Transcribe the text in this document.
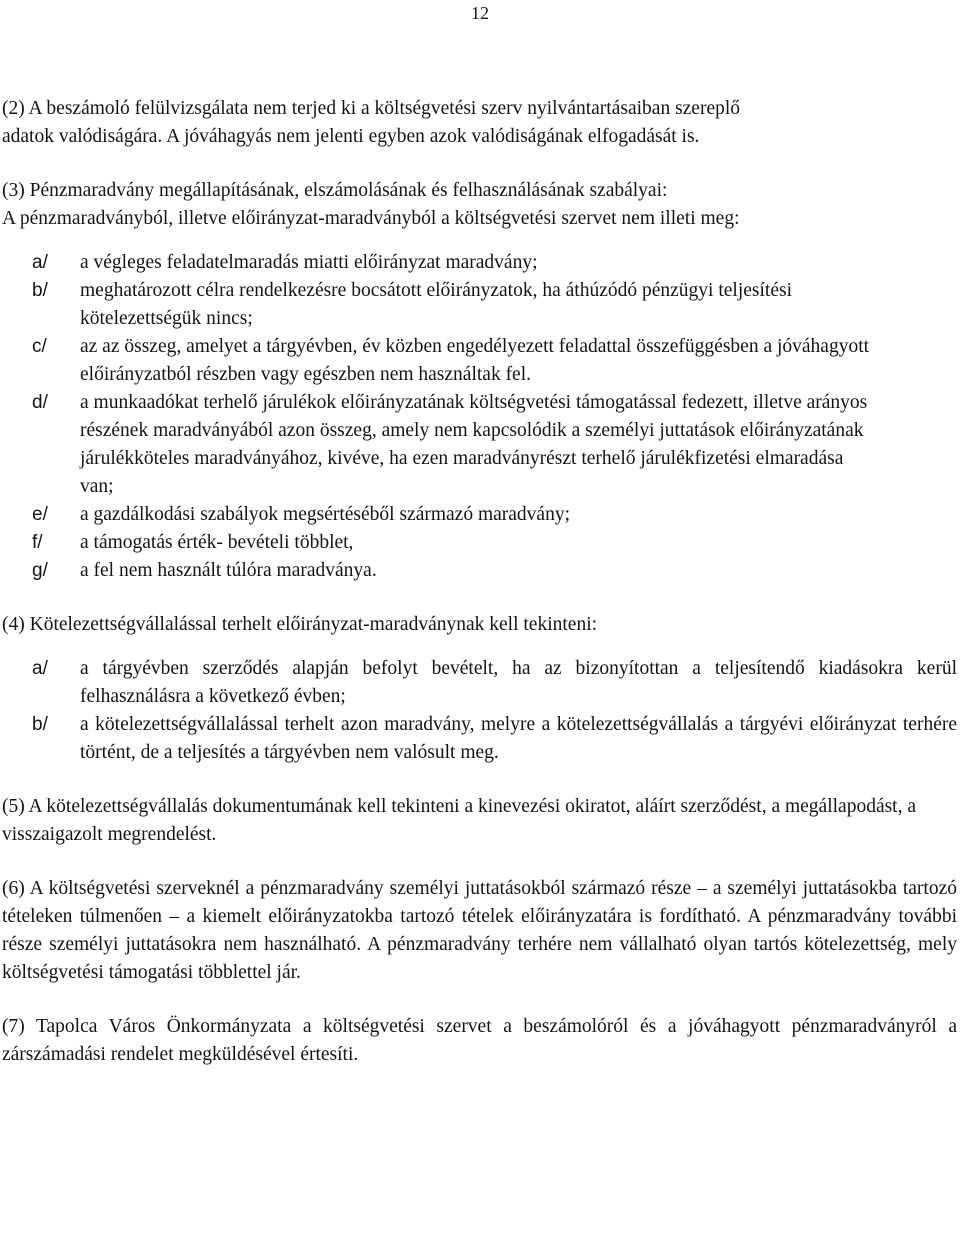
12

(2) A beszámoló felülvizsgálata nem terjed ki a költségvetési szerv nyilvántartásaiban szereplő

adatok valódiságára. A jóváhagyás nem jelenti egyben azok valódiságának elfogadását is.

(3) Pénzmaradvány megállapításának, elszámolásának és felhasználásának szabályai:

A pénzmaradványból, illetve előirányzat-maradványból a költségvetési szervet nem illeti meg:

a/	a végleges feladatelmaradás miatti előirányzat maradvány;
b/	meghatározott célra rendelkezésre bocsátott előirányzatok, ha áthúzódó pénzügyi teljesítési kötelezettségük nincs;
c/	az az összeg, amelyet a tárgyévben, év közben engedélyezett feladattal összefüggésben a jóváhagyott előirányzatból részben vagy egészben nem használtak fel.
d/	a munkaadókat terhelő járulékok előirányzatának költségvetési támogatással fedezett, illetve arányos részének maradványából azon összeg, amely nem kapcsolódik a személyi juttatások előirányzatának járulékköteles maradványához, kivéve, ha ezen maradványrészt terhelő járulékfizetési elmaradása van;
e/	a gazdálkodási szabályok megsértéséből származó maradvány;
f/	a támogatás érték- bevételi többlet,
g/	a fel nem használt túlóra maradványa.

(4) Kötelezettségvállalással terhelt előirányzat-maradványnak kell tekinteni:

a/	a tárgyévben szerződés alapján befolyt bevételt, ha az bizonyítottan a teljesítendő kiadásokra kerül felhasználásra a következő évben;
b/	a kötelezettségvállalással terhelt azon maradvány, melyre a kötelezettségvállalás a tárgyévi előirányzat terhére történt, de a teljesítés a tárgyévben nem valósult meg.

(5) A kötelezettségvállalás dokumentumának kell tekinteni a kinevezési okiratot, aláírt szerződést, a megállapodást, a visszaigazolt megrendelést.

(6) A költségvetési szerveknél a pénzmaradvány személyi juttatásokból származó része – a személyi juttatásokba tartozó tételeken túlmenően – a kiemelt előirányzatokba tartozó tételek előirányzatára is fordítható. A pénzmaradvány további része személyi juttatásokra nem használható. A pénzmaradvány terhére nem vállalható olyan tartós kötelezettség, mely költségvetési támogatási többlettel jár.

(7) Tapolca Város Önkormányzata a költségvetési szervet a beszámolóról és a jóváhagyott pénzmaradványról a zárszámadási rendelet megküldésével értesíti.
